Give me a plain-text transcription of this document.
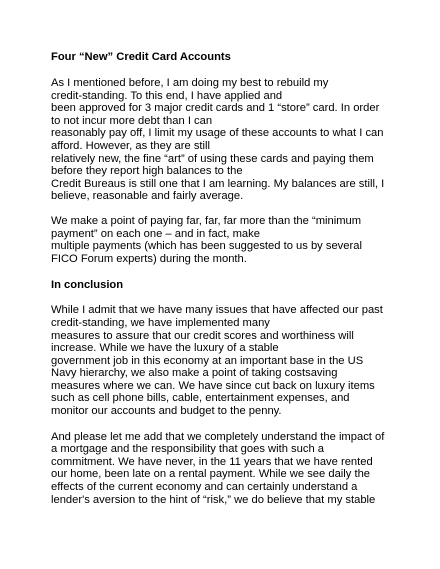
Four “New” Credit Card Accounts
As I mentioned before, I am doing my best to rebuild my
credit-standing. To this end, I have applied and
been approved for 3 major credit cards and 1 “store” card. In order
to not incur more debt than I can
reasonably pay off, I limit my usage of these accounts to what I can
afford. However, as they are still
relatively new, the fine “art” of using these cards and paying them
before they report high balances to the
Credit Bureaus is still one that I am learning. My balances are still, I
believe, reasonable and fairly average.
We make a point of paying far, far, far more than the “minimum
payment” on each one – and in fact, make
multiple payments (which has been suggested to us by several
FICO Forum experts) during the month.
In conclusion
While I admit that we have many issues that have affected our past
credit-standing, we have implemented many
measures to assure that our credit scores and worthiness will
increase. While we have the luxury of a stable
government job in this economy at an important base in the US
Navy hierarchy, we also make a point of taking costsaving
measures where we can. We have since cut back on luxury items
such as cell phone bills, cable, entertainment expenses, and
monitor our accounts and budget to the penny.
And please let me add that we completely understand the impact of
a mortgage and the responsibility that goes with such a
commitment. We have never, in the 11 years that we have rented
our home, been late on a rental payment. While we see daily the
effects of the current economy and can certainly understand a
lender's aversion to the hint of “risk,” we do believe that my stable
